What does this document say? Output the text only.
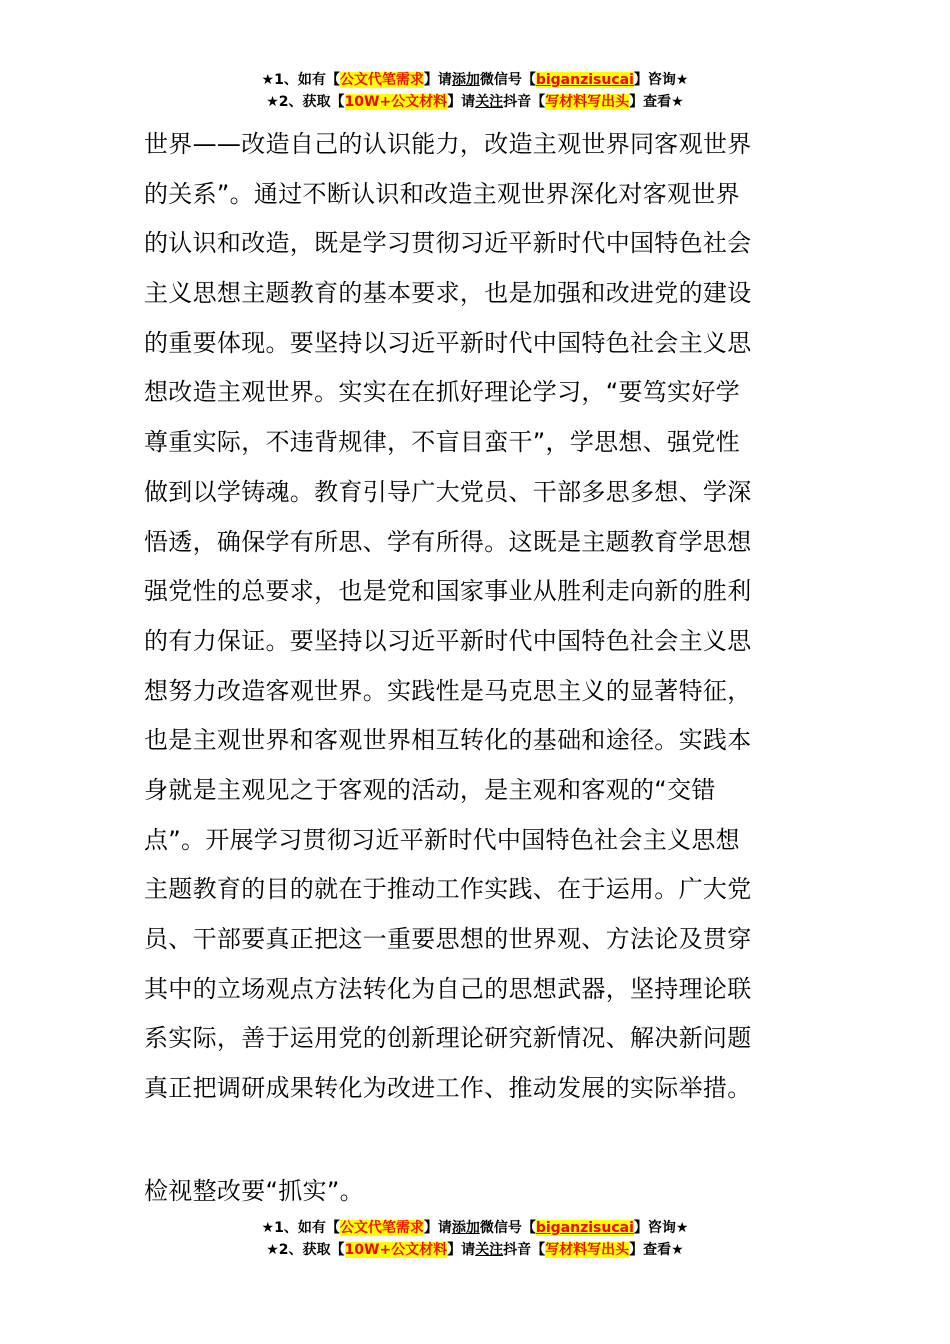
★1、如有【公文代笔需求】请添加微信号【biganzisucai】咨询★
★2、获取【10W+公文材料】请关注抖音【写材料写出头】查看★
世界——改造自己的认识能力，改造主观世界同客观世界
的关系”。通过不断认识和改造主观世界深化对客观世界
的认识和改造，既是学习贯彻习近平新时代中国特色社会
主义思想主题教育的基本要求，也是加强和改进党的建设
的重要体现。要坚持以习近平新时代中国特色社会主义思
想改造主观世界。实实在在抓好理论学习，“要笃实好学
尊重实际，不违背规律，不盲目蛮干”，学思想、强党性
做到以学铸魂。教育引导广大党员、干部多思多想、学深
悟透，确保学有所思、学有所得。这既是主题教育学思想
强党性的总要求，也是党和国家事业从胜利走向新的胜利
的有力保证。要坚持以习近平新时代中国特色社会主义思
想努力改造客观世界。实践性是马克思主义的显著特征，
也是主观世界和客观世界相互转化的基础和途径。实践本
身就是主观见之于客观的活动，是主观和客观的“交错
点”。开展学习贯彻习近平新时代中国特色社会主义思想
主题教育的目的就在于推动工作实践、在于运用。广大党
员、干部要真正把这一重要思想的世界观、方法论及贯穿
其中的立场观点方法转化为自己的思想武器，坚持理论联
系实际，善于运用党的创新理论研究新情况、解决新问题
真正把调研成果转化为改进工作、推动发展的实际举措。
检视整改要“抓实”。
★1、如有【公文代笔需求】请添加微信号【biganzisucai】咨询★
★2、获取【10W+公文材料】请关注抖音【写材料写出头】查看★
